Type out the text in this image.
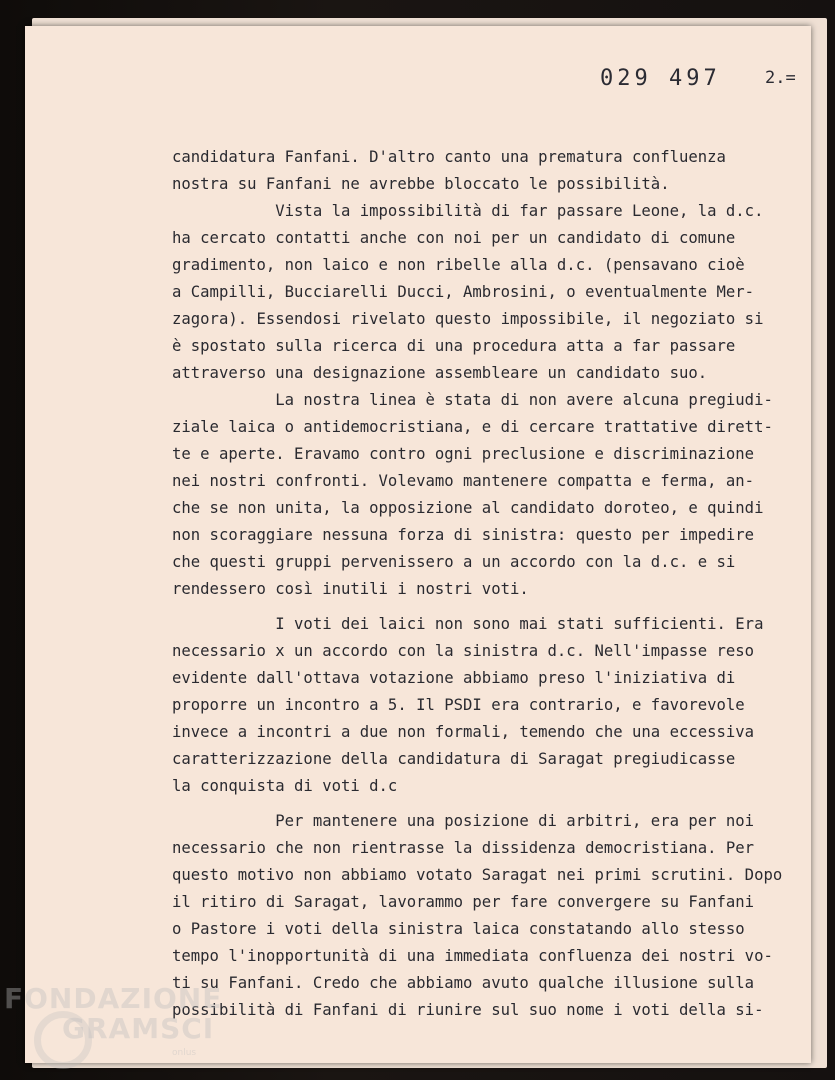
029 497	2.=
candidatura Fanfani. D'altro canto una prematura confluenza
nostra su Fanfani ne avrebbe bloccato le possibilità.
Vista la impossibilità di far passare Leone, la d.c.
ha cercato contatti anche con noi per un candidato di comune
gradimento, non laico e non ribelle alla d.c. (pensavano cioè
a Campilli, Bucciarelli Ducci, Ambrosini, o eventualmente Mer-
zagora). Essendosi rivelato questo impossibile, il negoziato si
è spostato sulla ricerca di una procedura atta a far passare
attraverso una designazione assembleare un candidato suo.
La nostra linea è stata di non avere alcuna pregiudi-
ziale laica o antidemocristiana, e di cercare trattative dirett-
te e aperte. Eravamo contro ogni preclusione e discriminazione
nei nostri confronti. Volevamo mantenere compatta e ferma, an-
che se non unita, la opposizione al candidato doroteo, e quindi
non scoraggiare nessuna forza di sinistra: questo per impedire
che questi gruppi pervenissero a un accordo con la d.c. e si
rendessero così inutili i nostri voti.
I voti dei laici non sono mai stati sufficienti. Era
necessario x un accordo con la sinistra d.c. Nell'impasse reso
evidente dall'ottava votazione abbiamo preso l'iniziativa di
proporre un incontro a 5. Il PSDI era contrario, e favorevole
invece a incontri a due non formali, temendo che una eccessiva
caratterizzazione della candidatura di Saragat pregiudicasse
la conquista di voti d.c
Per mantenere una posizione di arbitri, era per noi
necessario che non rientrasse la dissidenza democristiana. Per
questo motivo non abbiamo votato Saragat nei primi scrutini. Dopo
il ritiro di Saragat, lavorammo per fare convergere su Fanfani
o Pastore i voti della sinistra laica constatando allo stesso
tempo l'inopportunità di una immediata confluenza dei nostri vo-
ti su Fanfani. Credo che abbiamo avuto qualche illusione sulla
possibilità di Fanfani di riunire sul suo nome i voti della si-
FONDAZIONE
GRAMSCI
onlus
